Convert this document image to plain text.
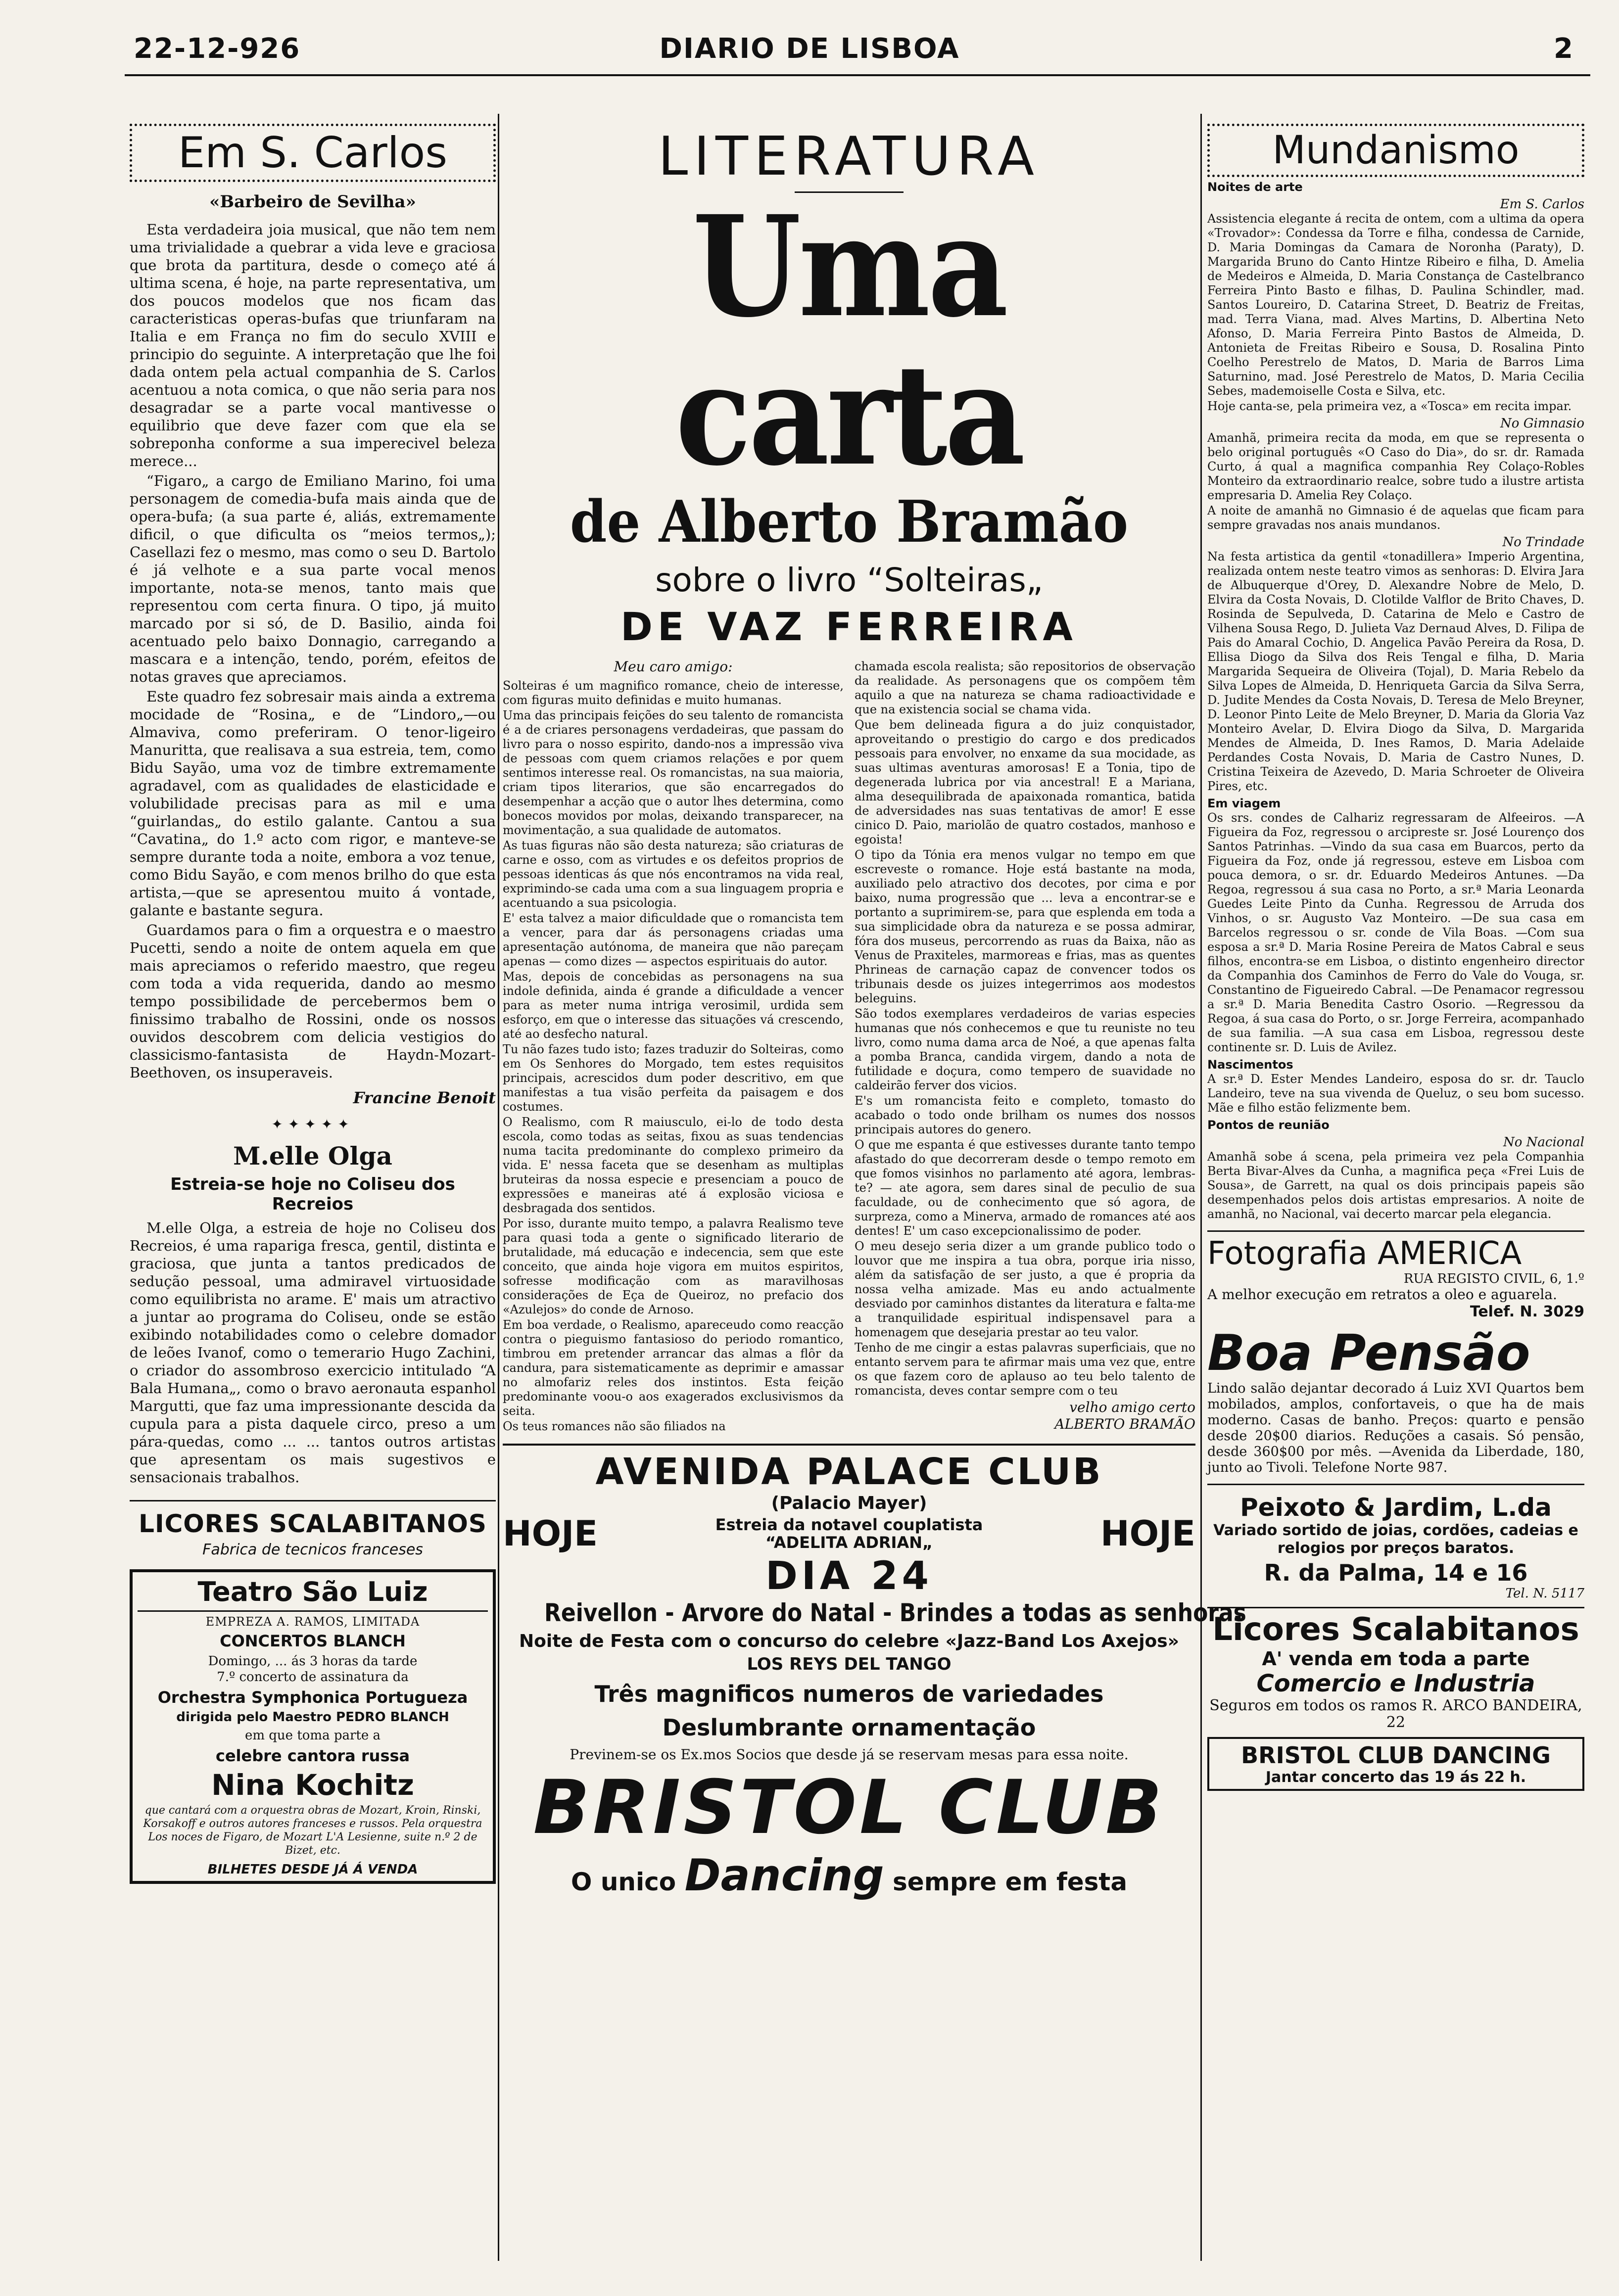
22-12-926	DIARIO DE LISBOA	2
Em S. Carlos
«Barbeiro de Sevilha»

Esta verdadeira joia musical, que não tem nem uma trivialidade a quebrar a vida leve e graciosa que brota da partitura, desde o começo até á ultima scena, é hoje, na parte representativa, um dos poucos modelos que nos ficam das caracteristicas operas-bufas que triunfaram na Italia e em França no fim do seculo XVIII e principio do seguinte. A interpretação que lhe foi dada ontem pela actual companhia de S. Carlos acentuou a nota comica, o que não seria para nos desagradar se a parte vocal mantivesse o equilibrio que deve fazer com que ela se sobreponha conforme a sua imperecivel beleza merece...

“Figaro„ a cargo de Emiliano Marino, foi uma personagem de comedia-bufa mais ainda que de opera-bufa; (a sua parte é, aliás, extremamente dificil, o que dificulta os “meios termos„); Casellazi fez o mesmo, mas como o seu D. Bartolo é já velhote e a sua parte vocal menos importante, nota-se menos, tanto mais que representou com certa finura. O tipo, já muito marcado por si só, de D. Basilio, ainda foi acentuado pelo baixo Donnagio, carregando a mascara e a intenção, tendo, porém, efeitos de notas graves que apreciamos.

Este quadro fez sobresair mais ainda a extrema mocidade de “Rosina„ e de “Lindoro„—ou Almaviva, como preferiram. O tenor-ligeiro Manuritta, que realisava a sua estreia, tem, como Bidu Sayão, uma voz de timbre extremamente agradavel, com as qualidades de elasticidade e volubilidade precisas para as mil e uma “guirlandas„ do estilo galante. Cantou a sua “Cavatina„ do 1.º acto com rigor, e manteve-se sempre durante toda a noite, embora a voz tenue, como Bidu Sayão, e com menos brilho do que esta artista,—que se apresentou muito á vontade, galante e bastante segura.

Guardamos para o fim a orquestra e o maestro Pucetti, sendo a noite de ontem aquela em que mais apreciamos o referido maestro, que regeu com toda a vida requerida, dando ao mesmo tempo possibilidade de percebermos bem o finissimo trabalho de Rossini, onde os nossos ouvidos descobrem com delicia vestigios do classicismo-fantasista de Haydn-Mozart-Beethoven, os insuperaveis.

Francine Benoit
✦✦✦✦✦
M.elle Olga
Estreia-se hoje no Coliseu dos Recreios

M.elle Olga, a estreia de hoje no Coliseu dos Recreios, é uma rapariga fresca, gentil, distinta e graciosa, que junta a tantos predicados de sedução pessoal, uma admiravel virtuosidade como equilibrista no arame. E' mais um atractivo a juntar ao programa do Coliseu, onde se estão exibindo notabilidades como o celebre domador de leões Ivanof, como o temerario Hugo Zachini, o criador do assombroso exercicio intitulado “A Bala Humana„, como o bravo aeronauta espanhol Margutti, que faz uma impressionante descida da cupula para a pista daquele circo, preso a um pára-quedas, como ... ... tantos outros artistas que apresentam os mais sugestivos e sensacionais trabalhos.

LICORES SCALABITANOS
Fabrica de tecnicos franceses
Teatro São Luiz
EMPREZA A. RAMOS, LIMITADA
CONCERTOS BLANCH
Domingo, ... ás 3 horas da tarde
7.º concerto de assinatura da
Orchestra Symphonica Portugueza
dirigida pelo Maestro PEDRO BLANCH
em que toma parte a
celebre cantora russa
Nina Kochitz
que cantará com a orquestra obras de Mozart, Kroin, Rinski, Korsakoff e outros autores franceses e russos. Pela orquestra Los noces de Figaro, de Mozart L'A Lesienne, suite n.º 2 de Bizet, etc.
BILHETES DESDE JÁ Á VENDA
LITERATURA
Uma carta
de Alberto Bramão
sobre o livro “Solteiras„
DE VAZ FERREIRA
Meu caro amigo:

Solteiras é um magnifico romance, cheio de interesse, com figuras muito definidas e muito humanas.

Uma das principais feições do seu talento de romancista é a de criares personagens verdadeiras, que passam do livro para o nosso espirito, dando-nos a impressão viva de pessoas com quem criamos relações e por quem sentimos interesse real. Os romancistas, na sua maioria, criam tipos literarios, que são encarregados do desempenhar a acção que o autor lhes determina, como bonecos movidos por molas, deixando transparecer, na movimentação, a sua qualidade de automatos.

As tuas figuras não são desta natureza; são criaturas de carne e osso, com as virtudes e os defeitos proprios de pessoas identicas ás que nós encontramos na vida real, exprimindo-se cada uma com a sua linguagem propria e acentuando a sua psicologia.

E' esta talvez a maior dificuldade que o romancista tem a vencer, para dar ás personagens criadas uma apresentação autónoma, de maneira que não pareçam apenas — como dizes — aspectos espirituais do autor.

Mas, depois de concebidas as personagens na sua indole definida, ainda é grande a dificuldade a vencer para as meter numa intriga verosimil, urdida sem esforço, em que o interesse das situações vá crescendo, até ao desfecho natural.

Tu não fazes tudo isto; fazes traduzir do Solteiras, como em Os Senhores do Morgado, tem estes requisitos principais, acrescidos dum poder descritivo, em que manifestas a tua visão perfeita da paisagem e dos costumes.

O Realismo, com R maiusculo, ei-lo de todo desta escola, como todas as seitas, fixou as suas tendencias numa tacita predominante do complexo primeiro da vida. E' nessa faceta que se desenham as multiplas bruteiras da nossa especie e presenciam a pouco de expressões e maneiras até á explosão viciosa e desbragada dos sentidos.

Por isso, durante muito tempo, a palavra Realismo teve para quasi toda a gente o significado literario de brutalidade, má educação e indecencia, sem que este conceito, que ainda hoje vigora em muitos espiritos, sofresse modificação com as maravilhosas considerações de Eça de Queiroz, no prefacio dos «Azulejos» do conde de Arnoso.

Em boa verdade, o Realismo, apareceudo como reacção contra o pieguismo fantasioso do periodo romantico, timbrou em pretender arrancar das almas a flôr da candura, para sistematicamente as deprimir e amassar no almofariz reles dos instintos. Esta feição predominante voou-o aos exagerados exclusivismos da seita.

Os teus romances não são filiados na

chamada escola realista; são repositorios de observação da realidade. As personagens que os compõem têm aquilo a que na natureza se chama radioactividade e que na existencia social se chama vida.

Que bem delineada figura a do juiz conquistador, aproveitando o prestigio do cargo e dos predicados pessoais para envolver, no enxame da sua mocidade, as suas ultimas aventuras amorosas! E a Tonia, tipo de degenerada lubrica por via ancestral! E a Mariana, alma desequilibrada de apaixonada romantica, batida de adversidades nas suas tentativas de amor! E esse cinico D. Paio, mariolão de quatro costados, manhoso e egoista!

O tipo da Tónia era menos vulgar no tempo em que escreveste o romance. Hoje está bastante na moda, auxiliado pelo atractivo dos decotes, por cima e por baixo, numa progressão que ... leva a encontrar-se e portanto a suprimirem-se, para que esplenda em toda a sua simplicidade obra da natureza e se possa admirar, fóra dos museus, percorrendo as ruas da Baixa, não as Venus de Praxiteles, marmoreas e frias, mas as quentes Phrineas de carnação capaz de convencer todos os tribunais desde os juizes integerrimos aos modestos beleguins.

São todos exemplares verdadeiros de varias especies humanas que nós conhecemos e que tu reuniste no teu livro, como numa dama arca de Noé, a que apenas falta a pomba Branca, candida virgem, dando a nota de futilidade e doçura, como tempero de suavidade no caldeirão ferver dos vicios.

E's um romancista feito e completo, tomasto do acabado o todo onde brilham os numes dos nossos principais autores do genero.

O que me espanta é que estivesses durante tanto tempo afastado do que decorreram desde o tempo remoto em que fomos visinhos no parlamento até agora, lembras-te? — ate agora, sem dares sinal de peculio de sua faculdade, ou de conhecimento que só agora, de surpreza, como a Minerva, armado de romances até aos dentes! E' um caso excepcionalissimo de poder.

O meu desejo seria dizer a um grande publico todo o louvor que me inspira a tua obra, porque iria nisso, além da satisfação de ser justo, a que é propria da nossa velha amizade. Mas eu ando actualmente desviado por caminhos distantes da literatura e falta-me a tranquilidade espiritual indispensavel para a homenagem que desejaria prestar ao teu valor.

Tenho de me cingir a estas palavras superficiais, que no entanto servem para te afirmar mais uma vez que, entre os que fazem coro de aplauso ao teu belo talento de romancista, deves contar sempre com o teu

velho amigo certo
ALBERTO BRAMÃO
AVENIDA PALACE CLUB
(Palacio Mayer)
HOJE	Estreia da notavel couplatista
“ADELITA ADRIAN„	HOJE
DIA 24
Reivellon - Arvore do Natal - Brindes a todas as senhoras
Noite de Festa com o concurso do celebre «Jazz-Band Los Axejos»
LOS REYS DEL TANGO
Três magnificos numeros de variedades
Deslumbrante ornamentação
Previnem-se os Ex.mos Socios que desde já se reservam mesas para essa noite.
BRISTOL CLUB
O unico Dancing sempre em festa
Mundanismo
Noites de arte
Em S. Carlos

Assistencia elegante á recita de ontem, com a ultima da opera «Trovador»: Condessa da Torre e filha, condessa de Carnide, D. Maria Domingas da Camara de Noronha (Paraty), D. Margarida Bruno do Canto Hintze Ribeiro e filha, D. Amelia de Medeiros e Almeida, D. Maria Constança de Castelbranco Ferreira Pinto Basto e filhas, D. Paulina Schindler, mad. Santos Loureiro, D. Catarina Street, D. Beatriz de Freitas, mad. Terra Viana, mad. Alves Martins, D. Albertina Neto Afonso, D. Maria Ferreira Pinto Bastos de Almeida, D. Antonieta de Freitas Ribeiro e Sousa, D. Rosalina Pinto Coelho Perestrelo de Matos, D. Maria de Barros Lima Saturnino, mad. José Perestrelo de Matos, D. Maria Cecilia Sebes, mademoiselle Costa e Silva, etc.

Hoje canta-se, pela primeira vez, a «Tosca» em recita impar.

No Gimnasio

Amanhã, primeira recita da moda, em que se representa o belo original português «O Caso do Dia», do sr. dr. Ramada Curto, á qual a magnifica companhia Rey Colaço-Robles Monteiro da extraordinario realce, sobre tudo a ilustre artista empresaria D. Amelia Rey Colaço.

A noite de amanhã no Gimnasio é de aquelas que ficam para sempre gravadas nos anais mundanos.

No Trindade

Na festa artistica da gentil «tonadillera» Imperio Argentina, realizada ontem neste teatro vimos as senhoras: D. Elvira Jara de Albuquerque d'Orey, D. Alexandre Nobre de Melo, D. Elvira da Costa Novais, D. Clotilde Valflor de Brito Chaves, D. Rosinda de Sepulveda, D. Catarina de Melo e Castro de Vilhena Sousa Rego, D. Julieta Vaz Dernaud Alves, D. Filipa de Pais do Amaral Cochio, D. Angelica Pavão Pereira da Rosa, D. Ellisa Diogo da Silva dos Reis Tengal e filha, D. Maria Margarida Sequeira de Oliveira (Tojal), D. Maria Rebelo da Silva Lopes de Almeida, D. Henriqueta Garcia da Silva Serra, D. Judite Mendes da Costa Novais, D. Teresa de Melo Breyner, D. Leonor Pinto Leite de Melo Breyner, D. Maria da Gloria Vaz Monteiro Avelar, D. Elvira Diogo da Silva, D. Margarida Mendes de Almeida, D. Ines Ramos, D. Maria Adelaide Perdandes Costa Novais, D. Maria de Castro Nunes, D. Cristina Teixeira de Azevedo, D. Maria Schroeter de Oliveira Pires, etc.

Em viagem

Os srs. condes de Calhariz regressaram de Alfeeiros. —A Figueira da Foz, regressou o arcipreste sr. José Lourenço dos Santos Patrinhas. —Vindo da sua casa em Buarcos, perto da Figueira da Foz, onde já regressou, esteve em Lisboa com pouca demora, o sr. dr. Eduardo Medeiros Antunes. —Da Regoa, regressou á sua casa no Porto, a sr.ª Maria Leonarda Guedes Leite Pinto da Cunha. Regressou de Arruda dos Vinhos, o sr. Augusto Vaz Monteiro. —De sua casa em Barcelos regressou o sr. conde de Vila Boas. —Com sua esposa a sr.ª D. Maria Rosine Pereira de Matos Cabral e seus filhos, encontra-se em Lisboa, o distinto engenheiro director da Companhia dos Caminhos de Ferro do Vale do Vouga, sr. Constantino de Figueiredo Cabral. —De Penamacor regressou a sr.ª D. Maria Benedita Castro Osorio. —Regressou da Regoa, á sua casa do Porto, o sr. Jorge Ferreira, acompanhado de sua familia. —A sua casa em Lisboa, regressou deste continente sr. D. Luis de Avilez.

Nascimentos

A sr.ª D. Ester Mendes Landeiro, esposa do sr. dr. Tauclo Landeiro, teve na sua vivenda de Queluz, o seu bom sucesso. Mãe e filho estão felizmente bem.

Pontos de reunião
No Nacional

Amanhã sobe á scena, pela primeira vez pela Companhia Berta Bivar-Alves da Cunha, a magnifica peça «Frei Luis de Sousa», de Garrett, na qual os dois principais papeis são desempenhados pelos dois artistas empresarios. A noite de amanhã, no Nacional, vai decerto marcar pela elegancia.

Fotografia AMERICA
RUA REGISTO CIVIL, 6, 1.º
A melhor execução em retratos a oleo e aguarela.
Telef. N. 3029
Boa Pensão
Lindo salão dejantar decorado á Luiz XVI Quartos bem mobilados, amplos, confortaveis, o que ha de mais moderno. Casas de banho. Preços: quarto e pensão desde 20$00 diarios. Reduções a casais. Só pensão, desde 360$00 por mês. —Avenida da Liberdade, 180, junto ao Tivoli. Telefone Norte 987.
Peixoto & Jardim, L.da
Variado sortido de joias, cordões, cadeias e relogios por preços baratos.
R. da Palma, 14 e 16
Tel. N. 5117
Licores Scalabitanos
A' venda em toda a parte
Comercio e Industria
Seguros em todos os ramos R. ARCO BANDEIRA, 22
BRISTOL CLUB DANCING
Jantar concerto das 19 ás 22 h.
